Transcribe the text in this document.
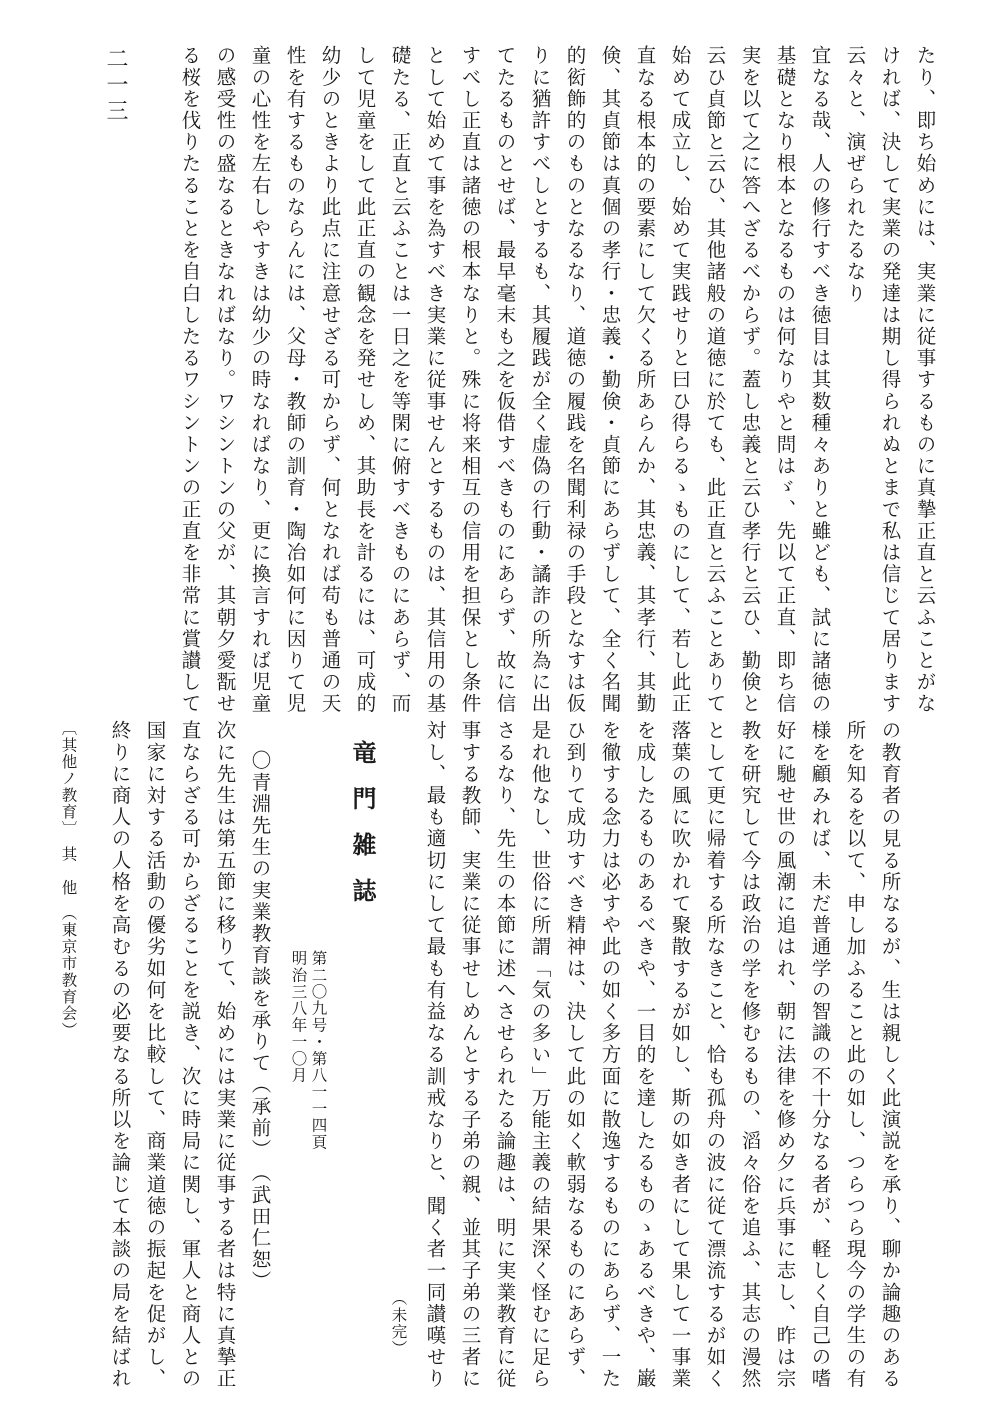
たり、即ち始めには、実業に従事するものに真摯正直と云ふことがな
ければ、決して実業の発達は期し得られぬとまで私は信じて居ります
云々と、演ぜられたるなり
宜なる哉、人の修行すべき徳目は其数種々ありと雖ども、試に諸徳の
基礎となり根本となるものは何なりやと問はゞ、先以て正直、即ち信
実を以て之に答へざるべからず。蓋し忠義と云ひ孝行と云ひ、勤倹と
云ひ貞節と云ひ、其他諸般の道徳に於ても、此正直と云ふことありて
始めて成立し、始めて実践せりと曰ひ得らるゝものにして、若し此正
直なる根本的の要素にして欠くる所あらんか、其忠義、其孝行、其勤
倹、其貞節は真個の孝行・忠義・勤倹・貞節にあらずして、全く名聞
的衒飾的のものとなるなり、道徳の履践を名聞利禄の手段となすは仮
りに猶許すべしとするも、其履践が全く虚偽の行動・譎詐の所為に出
てたるものとせば、最早毫末も之を仮借すべきものにあらず、故に信
すべし正直は諸徳の根本なりと。殊に将来相互の信用を担保とし条件
として始めて事を為すべき実業に従事せんとするものは、其信用の基
礎たる、正直と云ふことは一日之を等閑に俯すべきものにあらず、而
して児童をして此正直の観念を発せしめ、其助長を計るには、可成的
幼少のときより此点に注意せざる可からず、何となれば苟も普通の天
性を有するものならんには、父母・教師の訓育・陶冶如何に因りて児
童の心性を左右しやすきは幼少の時なればなり、更に換言すれば児童
の感受性の盛なるときなればなり。ワシントンの父が、其朝夕愛翫せ
る桜を伐りたることを自白したるワシントンの正直を非常に賞讃して
二一三
の教育者の見る所なるが、生は親しく此演説を承り、聊か論趣のある
所を知るを以て、申し加ふること此の如し、つらつら現今の学生の有
様を顧みれば、未だ普通学の智識の不十分なる者が、軽しく自己の嗜
好に馳せ世の風潮に追はれ、朝に法律を修め夕に兵事に志し、昨は宗
教を研究して今は政治の学を修むるもの、滔々俗を追ふ、其志の漫然
として更に帰着する所なきこと、恰も孤舟の波に従て漂流するが如く
落葉の風に吹かれて聚散するが如し、斯の如き者にして果して一事業
を成したるものあるべきや、一目的を達したるものゝあるべきや、巌
を徹する念力は必すや此の如く多方面に散逸するものにあらず、一た
ひ到りて成功すべき精神は、決して此の如く軟弱なるものにあらず、
是れ他なし、世俗に所謂「気の多い」万能主義の結果深く怪むに足ら
さるなり、先生の本節に述へさせられたる論趣は、明に実業教育に従
事する教師、実業に従事せしめんとする子弟の親、並其子弟の三者に
対し、最も適切にして最も有益なる訓戒なりと、聞く者一同讃嘆せり
（未完）
竜門雑誌
第二〇九号・第八一一四頁
明治三八年一〇月
〇青淵先生の実業教育談を承りて（承前）　（武田仁恕）
次に先生は第五節に移りて、始めには実業に従事する者は特に真摯正
直ならざる可からざることを説き、次に時局に関し、軍人と商人との
国家に対する活動の優劣如何を比較して、商業道徳の振起を促がし、
終りに商人の人格を高むるの必要なる所以を論じて本談の局を結ばれ
〔其他ノ教育〕　其　他　（東京市教育会）
